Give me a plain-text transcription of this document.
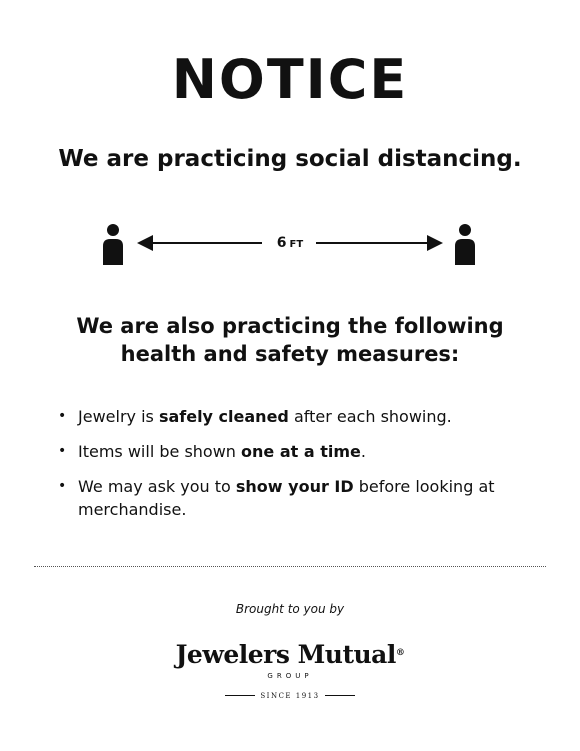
NOTICE
We are practicing social distancing.
6 FT
We are also practicing the following
health and safety measures:
• Jewelry is safely cleaned after each showing.
• Items will be shown one at a time.
• We may ask you to show your ID before looking at merchandise.
Brought to you by
Jewelers Mutual®
GROUP
SINCE 1913
